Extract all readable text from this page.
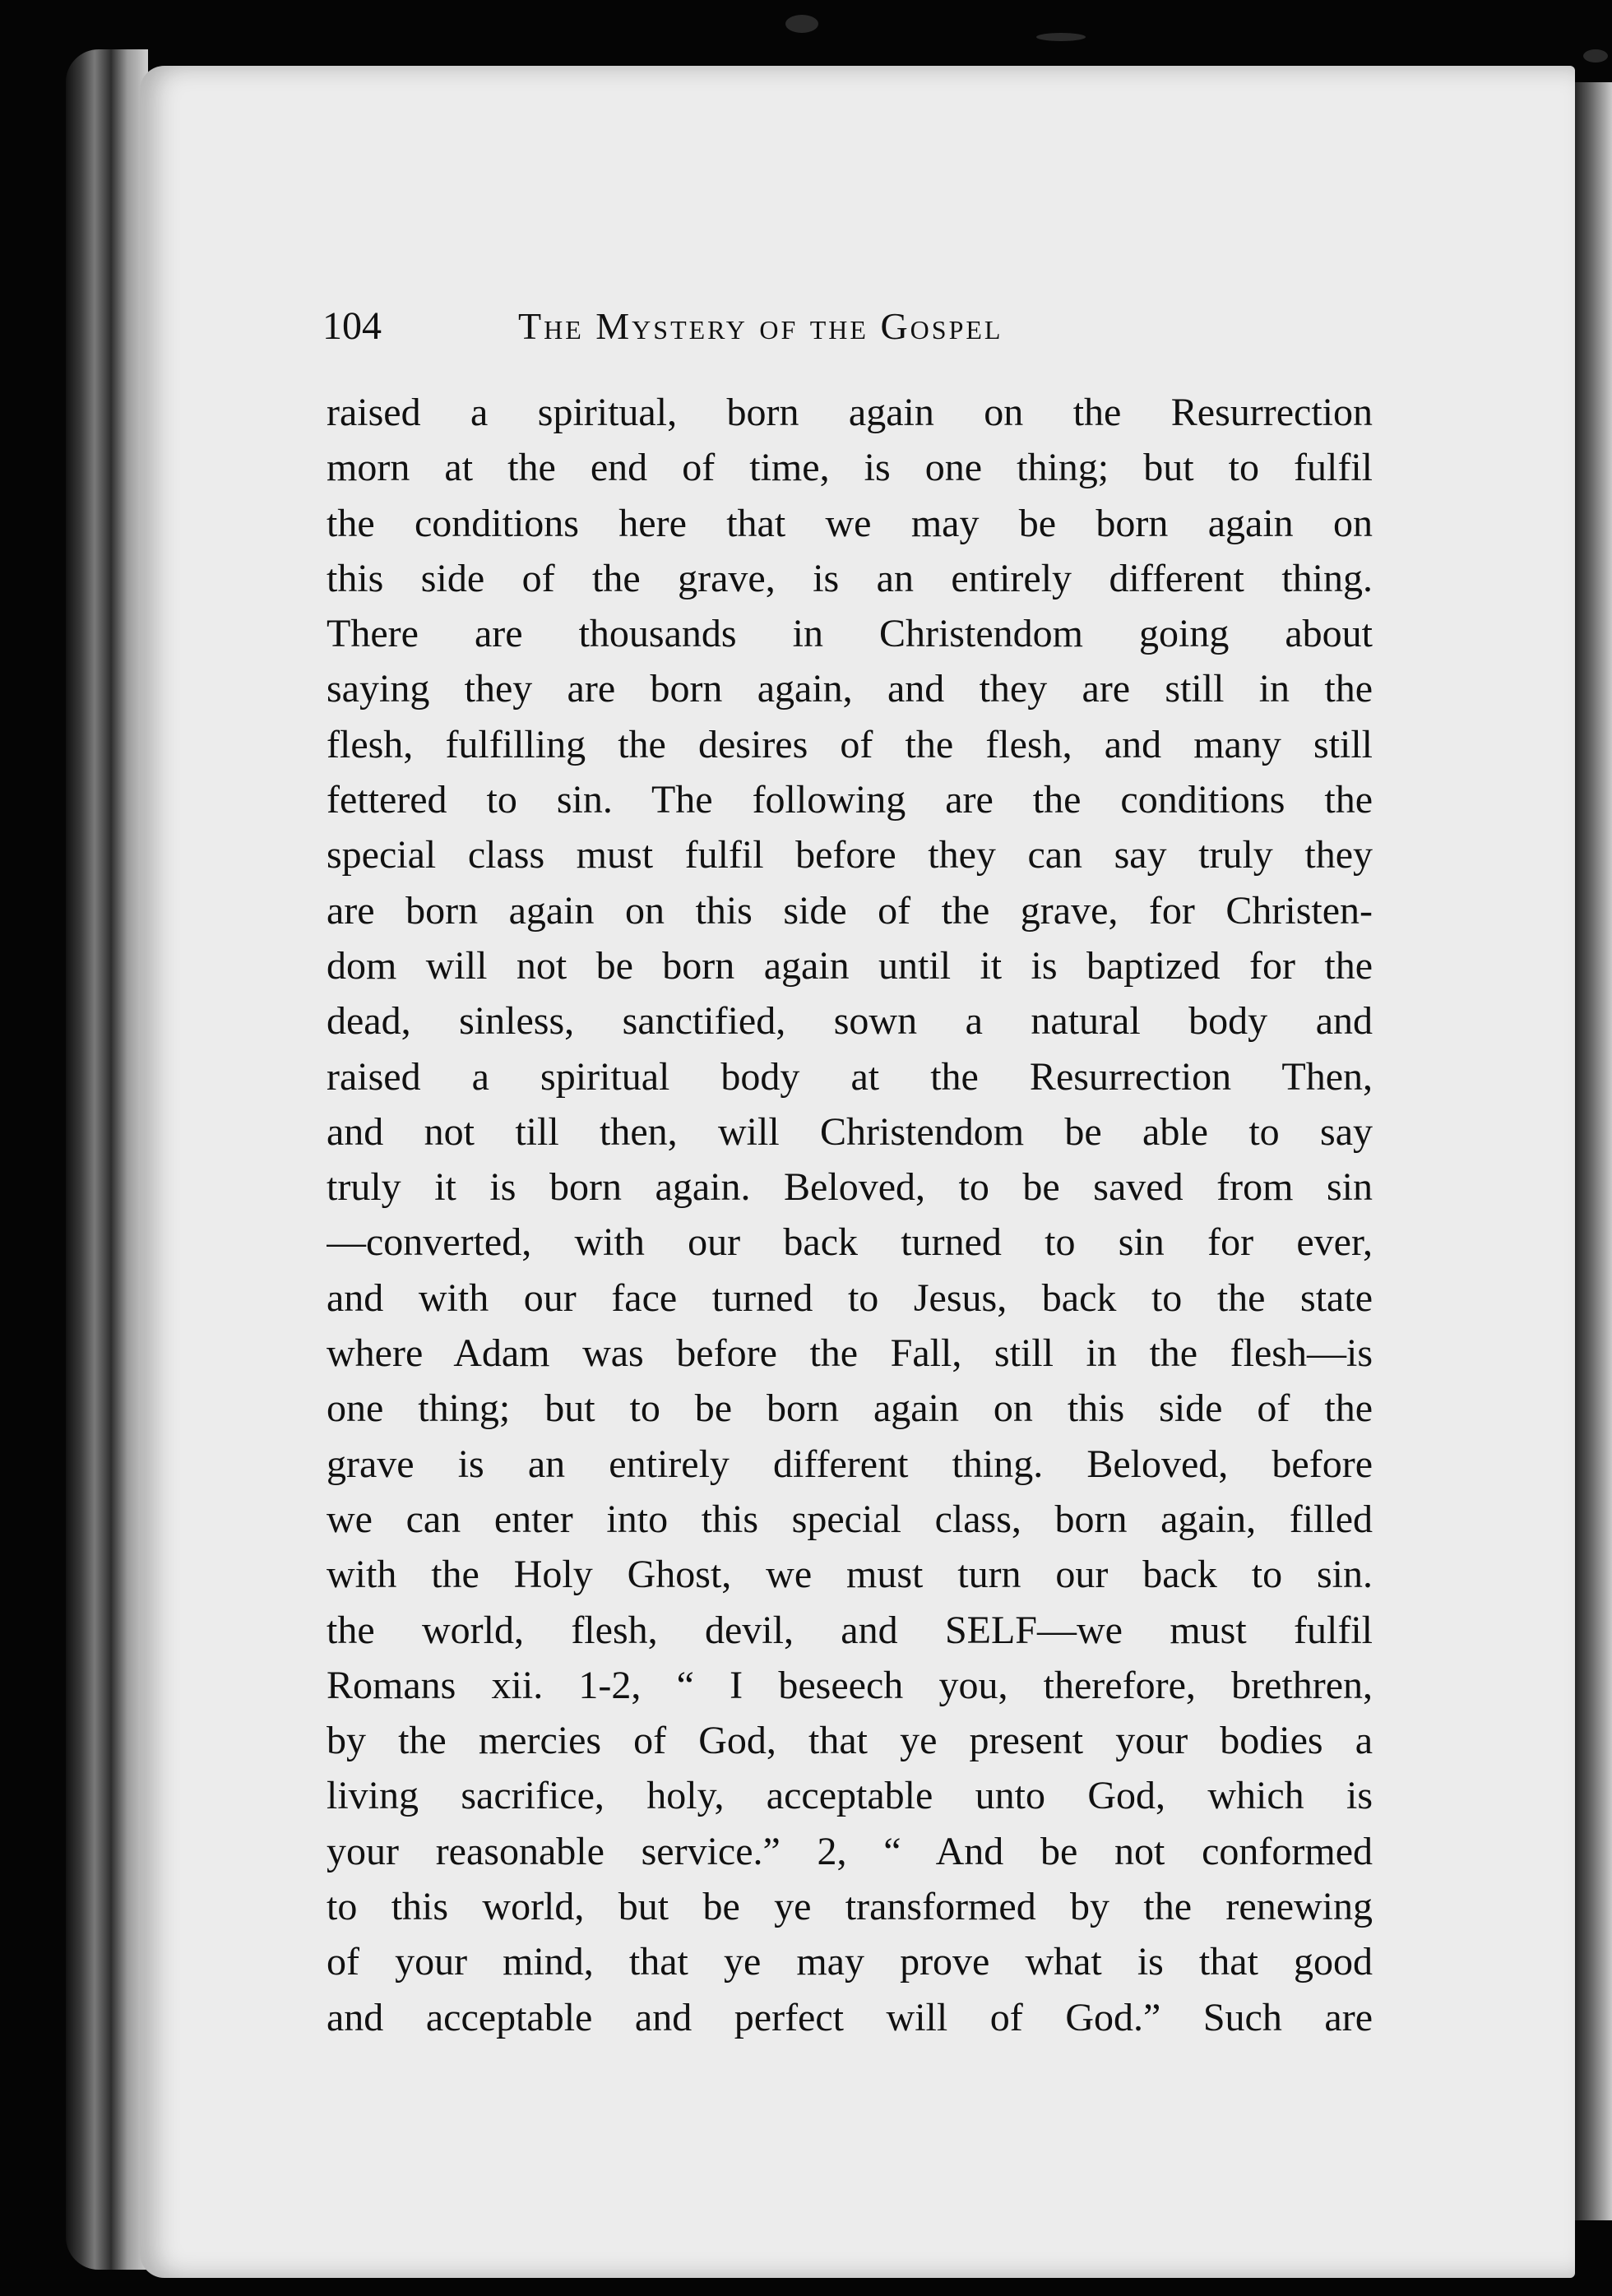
104	The Mystery of the Gospel
raised a spiritual, born again on the Resurrection
morn at the end of time, is one thing; but to fulfil
the conditions here that we may be born again on
this side of the grave, is an entirely different thing.
There are thousands in Christendom going about
saying they are born again, and they are still in the
flesh, fulfilling the desires of the flesh, and many still
fettered to sin. The following are the conditions the
special class must fulfil before they can say truly they
are born again on this side of the grave, for Christen-
dom will not be born again until it is baptized for the
dead, sinless, sanctified, sown a natural body and
raised a spiritual body at the Resurrection Then,
and not till then, will Christendom be able to say
truly it is born again. Beloved, to be saved from sin
—converted, with our back turned to sin for ever,
and with our face turned to Jesus, back to the state
where Adam was before the Fall, still in the flesh—is
one thing; but to be born again on this side of the
grave is an entirely different thing. Beloved, before
we can enter into this special class, born again, filled
with the Holy Ghost, we must turn our back to sin.
the world, flesh, devil, and SELF—we must fulfil
Romans xii. 1-2, “ I beseech you, therefore, brethren,
by the mercies of God, that ye present your bodies a
living sacrifice, holy, acceptable unto God, which is
your reasonable service.” 2, “ And be not conformed
to this world, but be ye transformed by the renewing
of your mind, that ye may prove what is that good
and acceptable and perfect will of God.” Such are
